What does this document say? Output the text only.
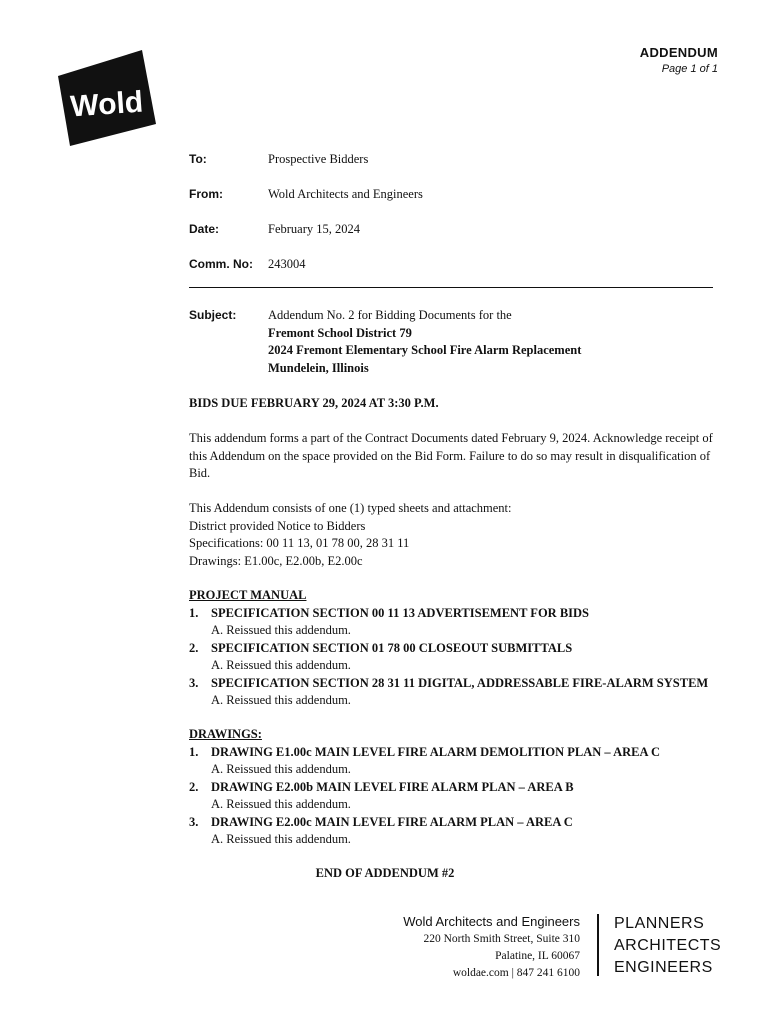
Wold
ADDENDUM
Page 1 of 1
To:	Prospective Bidders
From:	Wold Architects and Engineers
Date:	February 15, 2024
Comm. No: 243004
Subject:	Addendum No. 2 for Bidding Documents for the
Fremont School District 79
2024 Fremont Elementary School Fire Alarm Replacement
Mundelein, Illinois
BIDS DUE FEBRUARY 29, 2024 AT 3:30 P.M.
This addendum forms a part of the Contract Documents dated February 9, 2024. Acknowledge receipt of this Addendum on the space provided on the Bid Form. Failure to do so may result in disqualification of Bid.
This Addendum consists of one (1) typed sheets and attachment:
District provided Notice to Bidders
Specifications: 00 11 13, 01 78 00, 28 31 11
Drawings: E1.00c, E2.00b, E2.00c
PROJECT MANUAL
1. SPECIFICATION SECTION 00 11 13 ADVERTISEMENT FOR BIDS
A. Reissued this addendum.
2. SPECIFICATION SECTION 01 78 00 CLOSEOUT SUBMITTALS
A. Reissued this addendum.
3. SPECIFICATION SECTION 28 31 11 DIGITAL, ADDRESSABLE FIRE-ALARM SYSTEM
A. Reissued this addendum.
DRAWINGS:
1. DRAWING E1.00c MAIN LEVEL FIRE ALARM DEMOLITION PLAN – AREA C
A. Reissued this addendum.
2. DRAWING E2.00b MAIN LEVEL FIRE ALARM PLAN – AREA B
A. Reissued this addendum.
3. DRAWING E2.00c MAIN LEVEL FIRE ALARM PLAN – AREA C
A. Reissued this addendum.
END OF ADDENDUM #2
Wold Architects and Engineers
220 North Smith Street, Suite 310
Palatine, IL 60067
woldae.com | 847 241 6100
PLANNERS
ARCHITECTS
ENGINEERS
